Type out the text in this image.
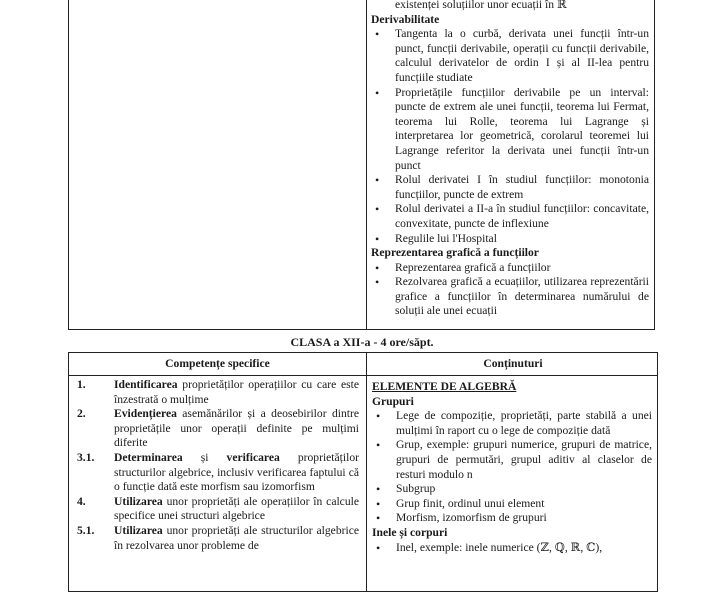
existenței soluțiilor unor ecuații în ℝ
Derivabilitate
• Tangenta la o curbă, derivata unei funcții într-un punct, funcții derivabile, operații cu funcții derivabile, calculul derivatelor de ordin I și al II-lea pentru funcțiile studiate
• Proprietățile funcțiilor derivabile pe un interval: puncte de extrem ale unei funcții, teorema lui Fermat, teorema lui Rolle, teorema lui Lagrange și interpretarea lor geometrică, corolarul teoremei lui Lagrange referitor la derivata unei funcții într-un punct
• Rolul derivatei I în studiul funcțiilor: monotonia funcțiilor, puncte de extrem
• Rolul derivatei a II-a în studiul funcțiilor: concavitate, convexitate, puncte de inflexiune
• Regulile lui l'Hospital
Reprezentarea grafică a funcțiilor
• Reprezentarea grafică a funcțiilor
• Rezolvarea grafică a ecuațiilor, utilizarea reprezentării grafice a funcțiilor în determinarea numărului de soluții ale unei ecuații
CLASA a XII-a - 4 ore/săpt.
Competențe specifice	Conținuturi
1.	Identificarea proprietăților operațiilor cu care este înzestrată o mulțime
2.	Evidențierea asemănărilor și a deosebirilor dintre proprietățile unor operații definite pe mulțimi diferite
3.1.	Determinarea și verificarea proprietăților structurilor algebrice, inclusiv verificarea faptului că o funcție dată este morfism sau izomorfism
4.	Utilizarea unor proprietăți ale operațiilor în calcule specifice unei structuri algebrice
5.1.	Utilizarea unor proprietăți ale structurilor algebrice în rezolvarea unor probleme de
ELEMENTE DE ALGEBRĂ
Grupuri
• Lege de compoziție, proprietăți, parte stabilă a unei mulțimi în raport cu o lege de compoziție dată
• Grup, exemple: grupuri numerice, grupuri de matrice, grupuri de permutări, grupul aditiv al claselor de resturi modulo n
• Subgrup
• Grup finit, ordinul unui element
• Morfism, izomorfism de grupuri
Inele și corpuri
• Inel, exemple: inele numerice (ℤ, ℚ, ℝ, ℂ),
